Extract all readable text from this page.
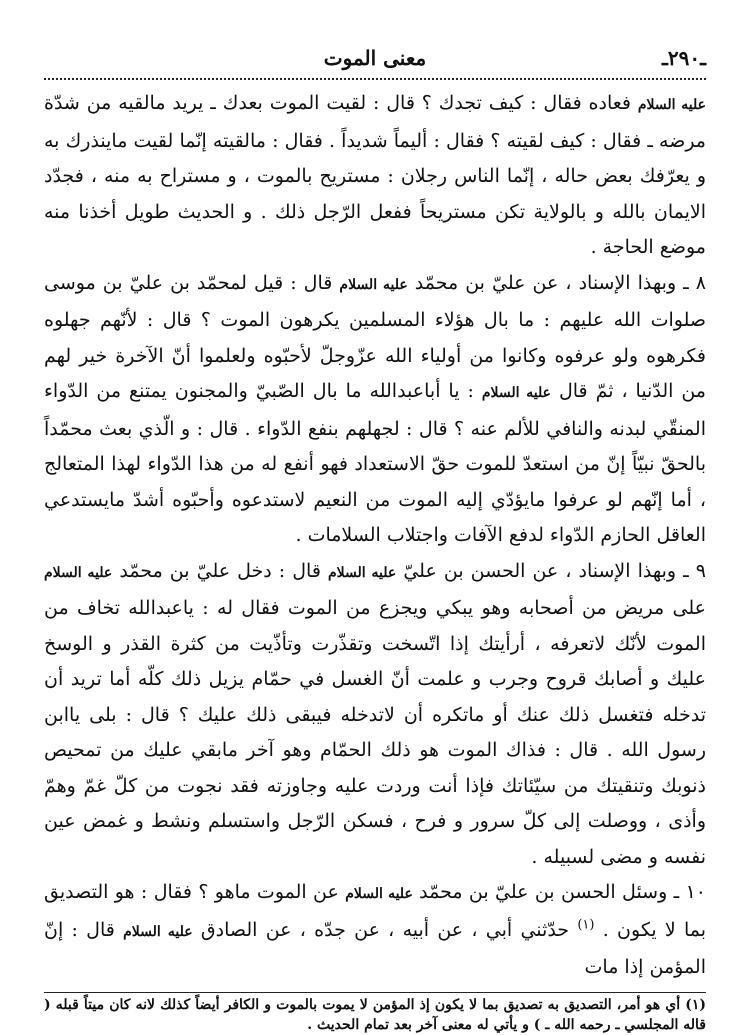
ـ٢٩٠ـ
معنى الموت

عليه السلام فعاده فقال : كيف تجدك ؟ قال : لقيت الموت بعدك ـ يريد مالقيه من شدّة مرضه ـ فقال : كيف لقيته ؟ فقال : أليماً شديداً . فقال : مالقيته إنّما لقيت ماينذرك به و يعرّفك بعض حاله ، إنّما الناس رجلان : مستريح بالموت ، و مستراح به منه ، فجدّد الايمان بالله و بالولاية تكن مستريحاً ففعل الرّجل ذلك . و الحديث طويل أخذنا منه موضع الحاجة .

٨ ـ وبهذا الإسناد ، عن عليّ بن محمّد عليه السلام قال : قيل لمحمّد بن عليّ بن موسى صلوات الله عليهم : ما بال هؤلاء المسلمين يكرهون الموت ؟ قال : لأنّهم جهلوه فكرهوه ولو عرفوه وكانوا من أولياء الله عزّوجلّ لأحبّوه ولعلموا أنّ الآخرة خير لهم من الدّنيا ، ثمّ قال عليه السلام : يا أباعبدالله ما بال الصّبيّ والمجنون يمتنع من الدّواء المنقّي لبدنه والنافي للألم عنه ؟ قال : لجهلهم بنفع الدّواء . قال : و الّذي بعث محمّداً بالحقّ نبيّاً إنّ من استعدّ للموت حقّ الاستعداد فهو أنفع له من هذا الدّواء لهذا المتعالج ، أما إنّهم لو عرفوا مايؤدّي إليه الموت من النعيم لاستدعوه وأحبّوه أشدّ مايستدعي العاقل الحازم الدّواء لدفع الآفات واجتلاب السلامات .

٩ ـ وبهذا الإسناد ، عن الحسن بن عليّ عليه السلام قال : دخل عليّ بن محمّد عليه السلام على مريض من أصحابه وهو يبكي ويجزع من الموت فقال له : ياعبدالله تخاف من الموت لأنّك لاتعرفه ، أرأيتك إذا اتّسخت وتقذّرت وتأذّيت من كثرة القذر و الوسخ عليك و أصابك قروح وجرب و علمت أنّ الغسل في حمّام يزيل ذلك كلّه أما تريد أن تدخله فتغسل ذلك عنك أو ماتكره أن لاتدخله فيبقى ذلك عليك ؟ قال : بلى ياابن رسول الله . قال : فذاك الموت هو ذلك الحمّام وهو آخر مابقي عليك من تمحيص ذنوبك وتنقيتك من سيّئاتك فإذا أنت وردت عليه وجاوزته فقد نجوت من كلّ غمّ وهمّ وأذى ، ووصلت إلى كلّ سرور و فرح ، فسكن الرّجل واستسلم ونشط و غمض عين نفسه و مضى لسبيله .

١٠ ـ وسئل الحسن بن عليّ بن محمّد عليه السلام عن الموت ماهو ؟ فقال : هو التصديق بما لا يكون . $^{(١)}$ حدّثني أبي ، عن أبيه ، عن جدّه ، عن الصادق عليه السلام قال : إنّ المؤمن إذا مات

(١) أي هو أمر، التصديق به تصديق بما لا يكون إذ المؤمن لا يموت بالموت و الكافر أيضاً كذلك لانه كان ميتاً قبله ( قاله المجلسي ـ رحمه الله ـ ) و يأتي له معنى آخر بعد تمام الحديث .
